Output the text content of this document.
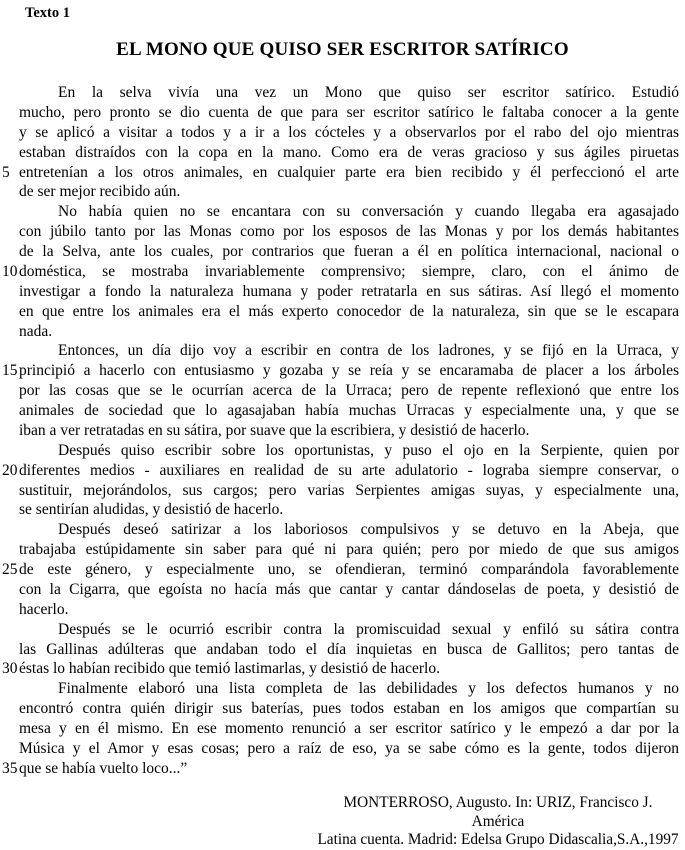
Texto 1
EL MONO QUE QUISO SER ESCRITOR SATÍRICO
En la selva vivía una vez un Mono que quiso ser escritor satírico. Estudió
mucho, pero pronto se dio cuenta de que para ser escritor satírico le faltaba conocer a la gente
y se aplicó a visitar a todos y a ir a los cócteles y a observarlos por el rabo del ojo mientras
estaban distraídos con la copa en la mano. Como era de veras gracioso y sus ágiles piruetas
5 entretenían a los otros animales, en cualquier parte era bien recibido y él perfeccionó el arte
de ser mejor recibido aún.
No había quien no se encantara con su conversación y cuando llegaba era agasajado
con júbilo tanto por las Monas como por los esposos de las Monas y por los demás habitantes
de la Selva, ante los cuales, por contrarios que fueran a él en política internacional, nacional o
10 doméstica, se mostraba invariablemente comprensivo; siempre, claro, con el ánimo de
investigar a fondo la naturaleza humana y poder retratarla en sus sátiras. Así llegó el momento
en que entre los animales era el más experto conocedor de la naturaleza, sin que se le escapara
nada.
Entonces, un día dijo voy a escribir en contra de los ladrones, y se fijó en la Urraca, y
15 principió a hacerlo con entusiasmo y gozaba y se reía y se encaramaba de placer a los árboles
por las cosas que se le ocurrían acerca de la Urraca; pero de repente reflexionó que entre los
animales de sociedad que lo agasajaban había muchas Urracas y especialmente una, y que se
iban a ver retratadas en su sátira, por suave que la escribiera, y desistió de hacerlo.
Después quiso escribir sobre los oportunistas, y puso el ojo en la Serpiente, quien por
20 diferentes medios - auxiliares en realidad de su arte adulatorio - lograba siempre conservar, o
sustituir, mejorándolos, sus cargos; pero varias Serpientes amigas suyas, y especialmente una,
se sentirían aludidas, y desistió de hacerlo.
Después deseó satirizar a los laboriosos compulsivos y se detuvo en la Abeja, que
trabajaba estúpidamente sin saber para qué ni para quién; pero por miedo de que sus amigos
25 de este género, y especialmente uno, se ofendieran, terminó comparándola favorablemente
con la Cigarra, que egoísta no hacía más que cantar y cantar dándoselas de poeta, y desistió de
hacerlo.
Después se le ocurrió escribir contra la promiscuidad sexual y enfiló su sátira contra
las Gallinas adúlteras que andaban todo el día inquietas en busca de Gallitos; pero tantas de
30 éstas lo habían recibido que temió lastimarlas, y desistió de hacerlo.
Finalmente elaboró una lista completa de las debilidades y los defectos humanos y no
encontró contra quién dirigir sus baterías, pues todos estaban en los amigos que compartían su
mesa y en él mismo. En ese momento renunció a ser escritor satírico y le empezó a dar por la
Música y el Amor y esas cosas; pero a raíz de eso, ya se sabe cómo es la gente, todos dijeron
35 que se había vuelto loco...”
MONTERROSO, Augusto. In: URIZ, Francisco J. América
Latina cuenta. Madrid: Edelsa Grupo Didascalia,S.A.,1997
